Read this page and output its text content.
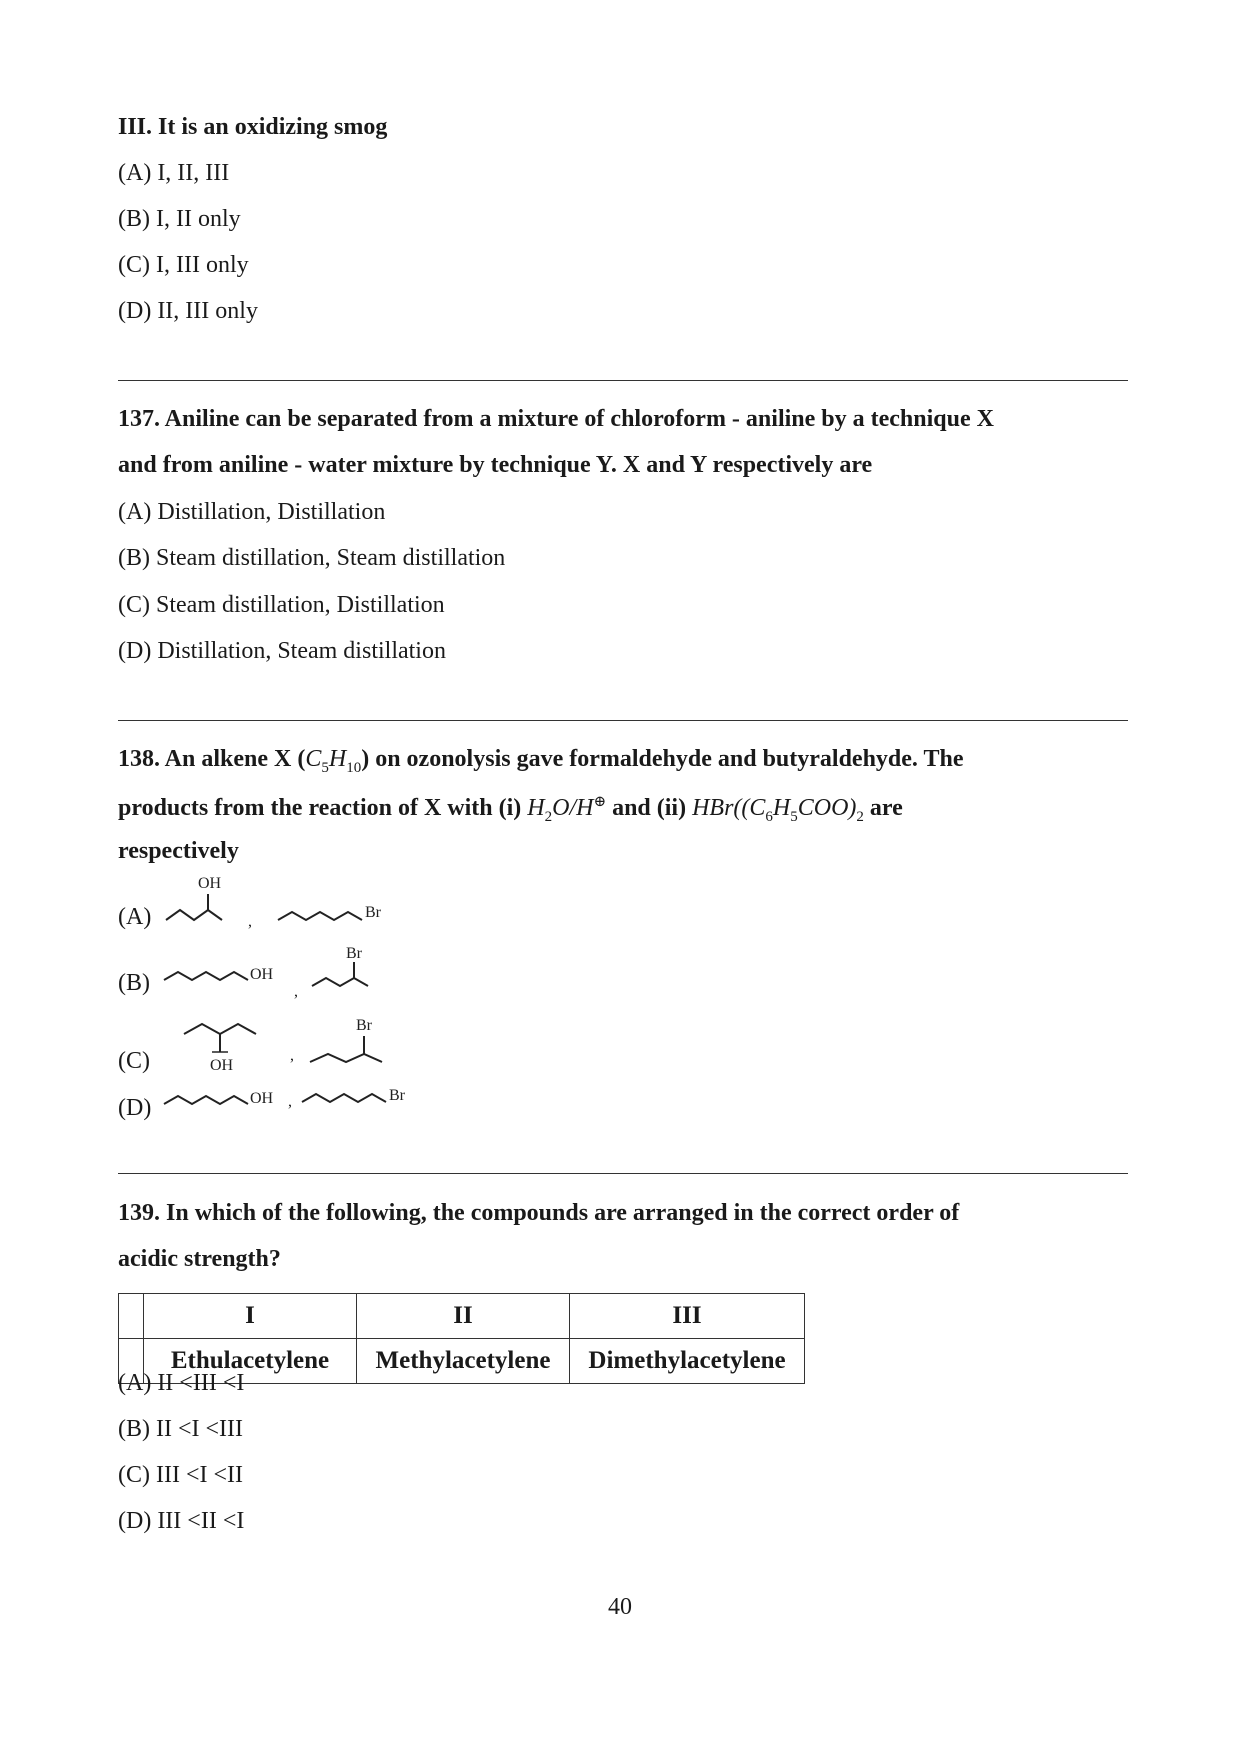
III. It is an oxidizing smog
(A) I, II, III
(B) I, II only
(C) I, III only
(D) II, III only
137. Aniline can be separated from a mixture of chloroform - aniline by a technique X
and from aniline - water mixture by technique Y. X and Y respectively are
(A) Distillation, Distillation
(B) Steam distillation, Steam distillation
(C) Steam distillation, Distillation
(D) Distillation, Steam distillation
138. An alkene X $(C_5H_{10})$ on ozonolysis gave formaldehyde and butyraldehyde. The
products from the reaction of X with (i) $H_2O/H^\oplus$ and (ii) $HBr((C_6H_5COO)_2$ are
respectively
(A)
OH
,
Br
(B)	OH
,
Br
(C)	OH
,
Br
(D)	OH ,	Br
139. In which of the following, the compounds are arranged in the correct order of
acidic strength?
	I	II	III
	Ethulacetylene	Methylacetylene	Dimethylacetylene
(A) II <III <I
(B) II <I <III
(C) III <I <II
(D) III <II <I
40
